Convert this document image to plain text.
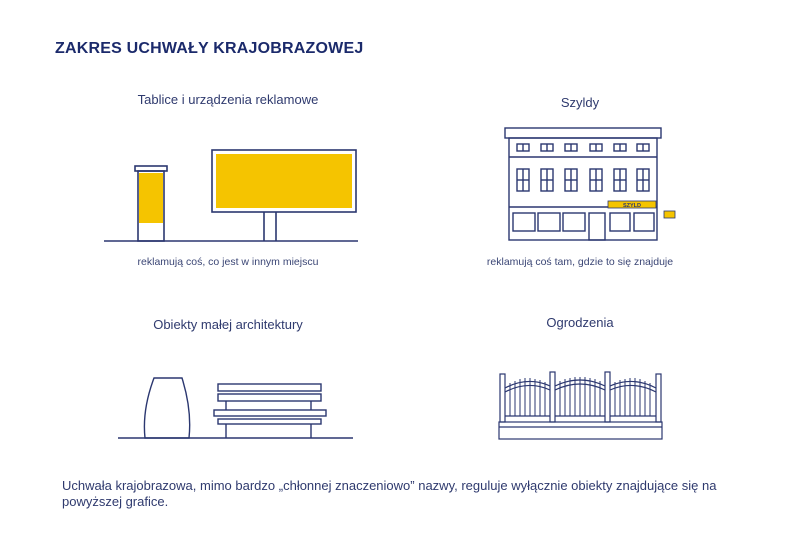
ZAKRES UCHWAŁY KRAJOBRAZOWEJ
Tablice i urządzenia reklamowe
reklamują coś, co jest w innym miejscu
Szyldy
SZYLD
reklamują coś tam, gdzie to się znajduje
Obiekty małej architektury	Ogrodzenia
Uchwała krajobrazowa, mimo bardzo „chłonnej znaczeniowo” nazwy, reguluje wyłącznie obiekty znajdujące się na powyższej grafice.
